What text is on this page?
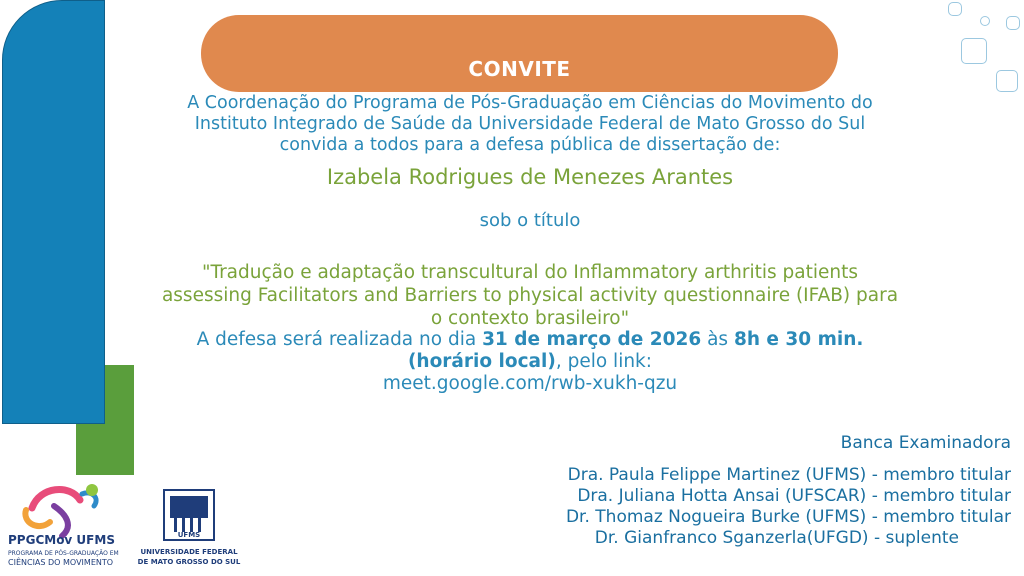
CONVITE
A Coordenação do Programa de Pós-Graduação em Ciências do Movimento do
Instituto Integrado de Saúde da Universidade Federal de Mato Grosso do Sul
convida a todos para a defesa pública de dissertação de:
Izabela Rodrigues de Menezes Arantes
sob o título
"Tradução e adaptação transcultural do Inflammatory arthritis patients
assessing Facilitators and Barriers to physical activity questionnaire (IFAB) para
o contexto brasileiro"
A defesa será realizada no dia 31 de março de 2026 às 8h e 30 min.
(horário local), pelo link:
meet.google.com/rwb-xukh-qzu
Banca Examinadora
Dra. Paula Felippe Martinez (UFMS) - membro titular
Dra. Juliana Hotta Ansai (UFSCAR) - membro titular
Dr. Thomaz Nogueira Burke (UFMS) - membro titular
Dr. Gianfranco Sganzerla(UFGD) - suplente
PPGCMov UFMS
PROGRAMA DE PÓS-GRADUAÇÃO EM
CIÊNCIAS DO MOVIMENTO
UFMS
UNIVERSIDADE FEDERAL
DE MATO GROSSO DO SUL
